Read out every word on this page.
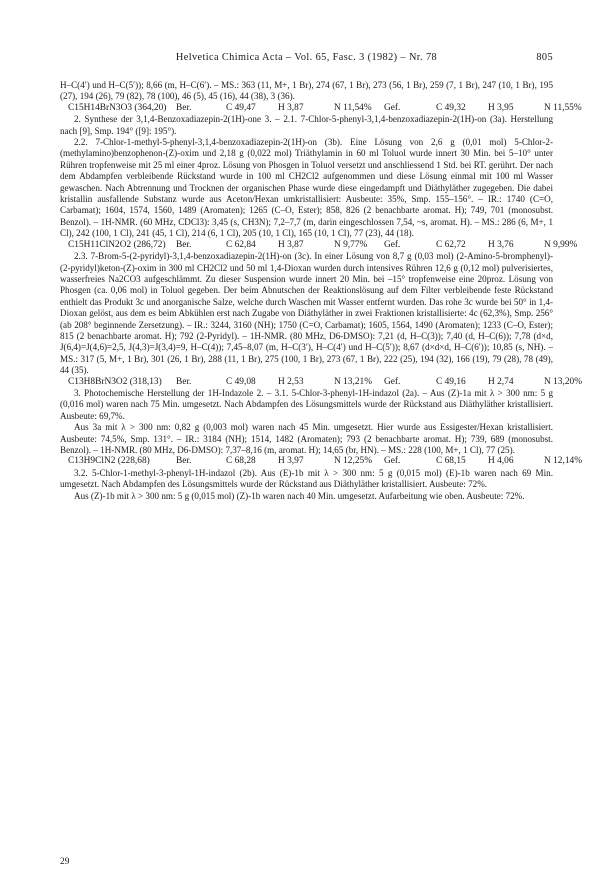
Helvetica Chimica Acta – Vol. 65, Fasc. 3 (1982) – Nr. 78	805

H–C(4′) und H–C(5′)); 8,66 (m, H–C(6′). – MS.: 363 (11, M+, 1 Br), 274 (67, 1 Br), 273 (56, 1 Br), 259 (7, 1 Br), 247 (10, 1 Br), 195 (27), 194 (26), 79 (82), 78 (100), 46 (5), 45 (16), 44 (38), 3 (36).

C15H14BrN3O3 (364,20) Ber.	C 49,47 H 3,87	N 11,54% Gef.	C 49,32 H 3,95	N 11,55%

2. Synthese der 3,1,4-Benzoxadiazepin-2(1H)-one 3. – 2.1. 7-Chlor-5-phenyl-3,1,4-benzoxadiazepin-2(1H)-on (3a). Herstellung nach [9], Smp. 194° ([9]: 195°).

2.2. 7-Chlor-1-methyl-5-phenyl-3,1,4-benzoxadiazepin-2(1H)-on (3b). Eine Lösung von 2,6 g (0,01 mol) 5-Chlor-2-(methylamino)benzophenon-(Z)-oxim und 2,18 g (0,022 mol) Triäthylamin in 60 ml Toluol wurde innert 30 Min. bei 5–10° unter Rühren tropfenweise mit 25 ml einer 4proz. Lösung von Phosgen in Toluol versetzt und anschliessend 1 Std. bei RT. gerührt. Der nach dem Abdampfen verbleibende Rückstand wurde in 100 ml CH2Cl2 aufgenommen und diese Lösung einmal mit 100 ml Wasser gewaschen. Nach Abtrennung und Trocknen der organischen Phase wurde diese eingedampft und Diäthyläther zugegeben. Die dabei kristallin ausfallende Substanz wurde aus Aceton/Hexan umkristallisiert: Ausbeute: 35%, Smp. 155–156°. – IR.: 1740 (C=O, Carbamat); 1604, 1574, 1560, 1489 (Aromaten); 1265 (C–O, Ester); 858, 826 (2 benachbarte aromat. H); 749, 701 (monosubst. Benzol). – 1H-NMR. (60 MHz, CDCl3): 3,45 (s, CH3N); 7,2–7,7 (m, darin eingeschlossen 7,54, ~s, aromat. H). – MS.: 286 (6, M+, 1 Cl), 242 (100, 1 Cl), 241 (45, 1 Cl), 214 (6, 1 Cl), 205 (10, 1 Cl), 165 (10, 1 Cl), 77 (23), 44 (18).

C15H11ClN2O2 (286,72) Ber.	C 62,84 H 3,87	N 9,77% Gef.	C 62,72 H 3,76	N 9,99%

2.3. 7-Brom-5-(2-pyridyl)-3,1,4-benzoxadiazepin-2(1H)-on (3c). In einer Lösung von 8,7 g (0,03 mol) (2-Amino-5-bromphenyl)-(2-pyridyl)keton-(Z)-oxim in 300 ml CH2Cl2 und 50 ml 1,4-Dioxan wurden durch intensives Rühren 12,6 g (0,12 mol) pulverisiertes, wasserfreies Na2CO3 aufgeschlämmt. Zu dieser Suspension wurde innert 20 Min. bei –15° tropfenweise eine 20proz. Lösung von Phosgen (ca. 0,06 mol) in Toluol gegeben. Der beim Abnutschen der Reaktionslösung auf dem Filter verbleibende feste Rückstand enthielt das Produkt 3c und anorganische Salze, welche durch Waschen mit Wasser entfernt wurden. Das rohe 3c wurde bei 50° in 1,4-Dioxan gelöst, aus dem es beim Abkühlen erst nach Zugabe von Diäthyläther in zwei Fraktionen kristallisierte: 4c (62,3%), Smp. 256° (ab 208° beginnende Zersetzung). – IR.: 3244, 3160 (NH); 1750 (C=O, Carbamat); 1605, 1564, 1490 (Aromaten); 1233 (C–O, Ester); 815 (2 benachbarte aromat. H); 792 (2-Pyridyl). – 1H-NMR. (80 MHz, D6-DMSO): 7,21 (d, H–C(3)); 7,40 (d, H–C(6)); 7,78 (d×d, J(6,4)=J(4,6)=2,5, J(4,3)=J(3,4)=9, H–C(4)); 7,45–8,07 (m, H–C(3′), H–C(4′) und H–C(5′)); 8,67 (d×d×d, H–C(6′)); 10,85 (s, NH). – MS.: 317 (5, M+, 1 Br), 301 (26, 1 Br), 288 (11, 1 Br), 275 (100, 1 Br), 273 (67, 1 Br), 222 (25), 194 (32), 166 (19), 79 (28), 78 (49), 44 (35).

C13H8BrN3O2 (318,13) Ber.	C 49,08 H 2,53	N 13,21% Gef.	C 49,16 H 2,74	N 13,20%

3. Photochemische Herstellung der 1H-Indazole 2. – 3.1. 5-Chlor-3-phenyl-1H-indazol (2a). – Aus (Z)-1a mit λ > 300 nm: 5 g (0,016 mol) waren nach 75 Min. umgesetzt. Nach Abdampfen des Lösungsmittels wurde der Rückstand aus Diäthyläther kristallisiert. Ausbeute: 69,7%.

Aus 3a mit λ > 300 nm: 0,82 g (0,003 mol) waren nach 45 Min. umgesetzt. Hier wurde aus Essigester/Hexan kristallisiert. Ausbeute: 74,5%, Smp. 131°. – IR.: 3184 (NH); 1514, 1482 (Aromaten); 793 (2 benachbarte aromat. H); 739, 689 (monosubst. Benzol). – 1H-NMR. (80 MHz, D6-DMSO): 7,37–8,16 (m, aromat. H); 14,65 (br, HN). – MS.: 228 (100, M+, 1 Cl), 77 (25).

C13H9ClN2 (228,68)	Ber.	C 68,28 H 3,97	N 12,25% Gef.	C 68,15 H 4,06	N 12,14%

3.2. 5-Chlor-1-methyl-3-phenyl-1H-indazol (2b). Aus (E)-1b mit λ > 300 nm: 5 g (0,015 mol) (E)-1b waren nach 69 Min. umgesetzt. Nach Abdampfen des Lösungsmittels wurde der Rückstand aus Diäthyläther kristallisiert. Ausbeute: 72%.

Aus (Z)-1b mit λ > 300 nm: 5 g (0,015 mol) (Z)-1b waren nach 40 Min. umgesetzt. Aufarbeitung wie oben. Ausbeute: 72%.

29
